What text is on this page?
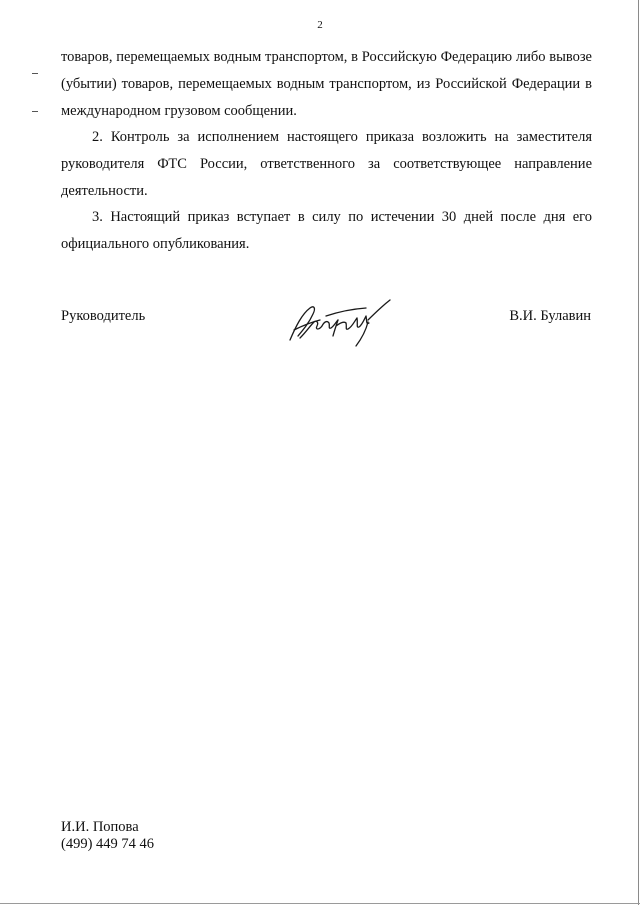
2

товаров, перемещаемых водным транспортом, в Российскую Федерацию либо вывозе (убытии) товаров, перемещаемых водным транспортом, из Российской Федерации в международном грузовом сообщении.

2. Контроль за исполнением настоящего приказа возложить на заместителя руководителя ФТС России, ответственного за соответствующее направление деятельности.

3. Настоящий приказ вступает в силу по истечении 30 дней после дня его официального опубликования.

Руководитель	В.И. Булавин

И.И. Попова
(499) 449 74 46
